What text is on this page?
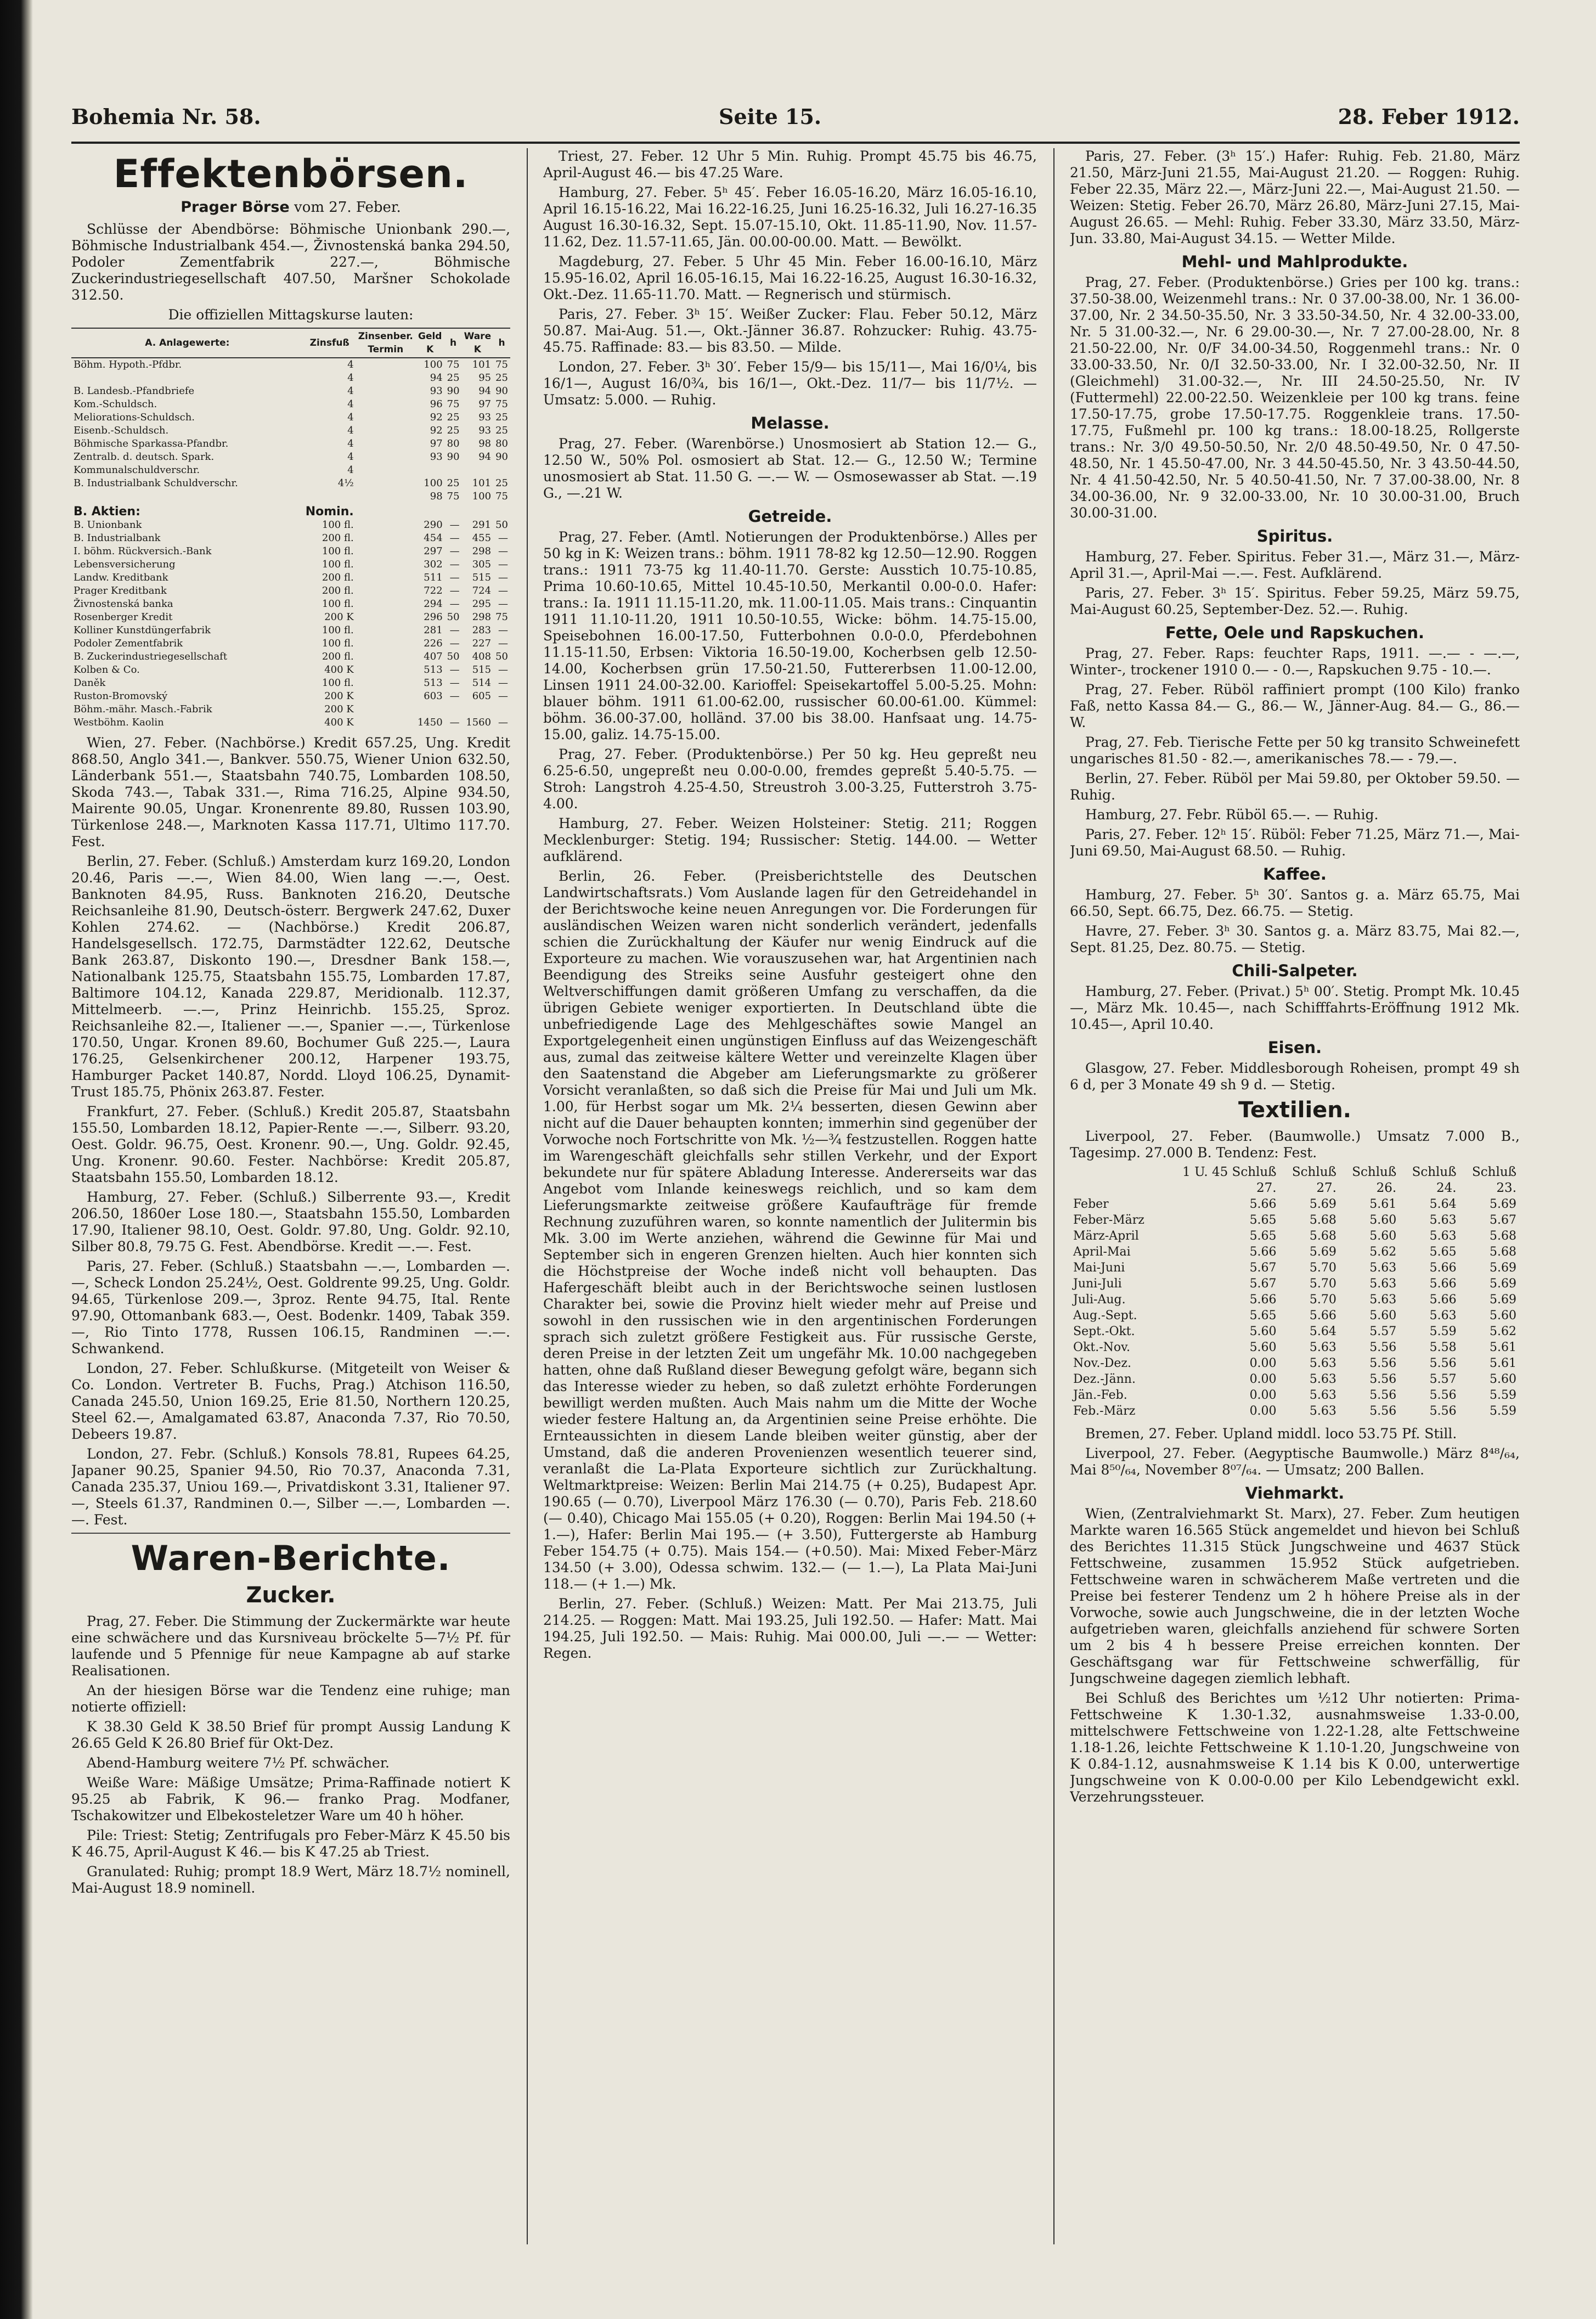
Bohemia Nr. 58.	Seite 15.	28. Feber 1912.
Effektenbörsen.
Prager Börse vom 27. Feber.

Schlüsse der Abendbörse: Böhmische Unionbank 290.—, Böhmische Industrialbank 454.—, Živnostenská banka 294.50, Podoler Zementfabrik 227.—, Böhmische Zuckerindustriegesellschaft 407.50, Maršner Schokolade 312.50.

Die offiziellen Mittagskurse lauten:

A. Anlagewerte:	Zinsfuß	Zinsenber. Termin	Geld K	h	Ware K	h
Böhm. Hypoth.-Pfdbr.	4		100	75	101	75
	4		94	25	95	25
B. Landesb.-Pfandbriefe	4		93	90	94	90
Kom.-Schuldsch.	4		96	75	97	75
Meliorations-Schuldsch.	4		92	25	93	25
Eisenb.-Schuldsch.	4		92	25	93	25
Böhmische Sparkassa-Pfandbr.	4		97	80	98	80
Zentralb. d. deutsch. Spark.	4		93	90	94	90
Kommunalschuldverschr.	4					
B. Industrialbank Schuldverschr.	4½		100	25	101	25
			98	75	100	75
B. Aktien:	Nomin.					
B. Unionbank	100 fl.		290	—	291	50
B. Industrialbank	200 fl.		454	—	455	—
I. böhm. Rückversich.-Bank	100 fl.		297	—	298	—
Lebensversicherung	100 fl.		302	—	305	—
Landw. Kreditbank	200 fl.		511	—	515	—
Prager Kreditbank	200 fl.		722	—	724	—
Živnostenská banka	100 fl.		294	—	295	—
Rosenberger Kredit	200 K		296	50	298	75
Kolliner Kunstdüngerfabrik	100 fl.		281	—	283	—
Podoler Zementfabrik	100 fl.		226	—	227	—
B. Zuckerindustriegesellschaft	200 fl.		407	50	408	50
Kolben & Co.	400 K		513	—	515	—
Daněk	100 fl.		513	—	514	—
Ruston-Bromovský	200 K		603	—	605	—
Böhm.-mähr. Masch.-Fabrik	200 K					
Westböhm. Kaolin	400 K		1450	—	1560	—

Wien, 27. Feber. (Nachbörse.) Kredit 657.25, Ung. Kredit 868.50, Anglo 341.—, Bankver. 550.75, Wiener Union 632.50, Länderbank 551.—, Staatsbahn 740.75, Lombarden 108.50, Skoda 743.—, Tabak 331.—, Rima 716.25, Alpine 934.50, Mairente 90.05, Ungar. Kronenrente 89.80, Russen 103.90, Türkenlose 248.—, Marknoten Kassa 117.71, Ultimo 117.70. Fest.

Berlin, 27. Feber. (Schluß.) Amsterdam kurz 169.20, London 20.46, Paris —.—, Wien 84.00, Wien lang —.—, Oest. Banknoten 84.95, Russ. Banknoten 216.20, Deutsche Reichsanleihe 81.90, Deutsch-österr. Bergwerk 247.62, Duxer Kohlen 274.62. — (Nachbörse.) Kredit 206.87, Handelsgesellsch. 172.75, Darmstädter 122.62, Deutsche Bank 263.87, Diskonto 190.—, Dresdner Bank 158.—, Nationalbank 125.75, Staatsbahn 155.75, Lombarden 17.87, Baltimore 104.12, Kanada 229.87, Meridionalb. 112.37, Mittelmeerb. —.—, Prinz Heinrichb. 155.25, Sproz. Reichsanleihe 82.—, Italiener —.—, Spanier —.—, Türkenlose 170.50, Ungar. Kronen 89.60, Bochumer Guß 225.—, Laura 176.25, Gelsenkirchener 200.12, Harpener 193.75, Hamburger Packet 140.87, Nordd. Lloyd 106.25, Dynamit-Trust 185.75, Phönix 263.87. Fester.

Frankfurt, 27. Feber. (Schluß.) Kredit 205.87, Staatsbahn 155.50, Lombarden 18.12, Papier-Rente —.—, Silberr. 93.20, Oest. Goldr. 96.75, Oest. Kronenr. 90.—, Ung. Goldr. 92.45, Ung. Kronenr. 90.60. Fester. Nachbörse: Kredit 205.87, Staatsbahn 155.50, Lombarden 18.12.

Hamburg, 27. Feber. (Schluß.) Silberrente 93.—, Kredit 206.50, 1860er Lose 180.—, Staatsbahn 155.50, Lombarden 17.90, Italiener 98.10, Oest. Goldr. 97.80, Ung. Goldr. 92.10, Silber 80.8, 79.75 G. Fest. Abendbörse. Kredit —.—. Fest.

Paris, 27. Feber. (Schluß.) Staatsbahn —.—, Lombarden —.—, Scheck London 25.24½, Oest. Goldrente 99.25, Ung. Goldr. 94.65, Türkenlose 209.—, 3proz. Rente 94.75, Ital. Rente 97.90, Ottomanbank 683.—, Oest. Bodenkr. 1409, Tabak 359.—, Rio Tinto 1778, Russen 106.15, Randminen —.—. Schwankend.

London, 27. Feber. Schlußkurse. (Mitgeteilt von Weiser & Co. London. Vertreter B. Fuchs, Prag.) Atchison 116.50, Canada 245.50, Union 169.25, Erie 81.50, Northern 120.25, Steel 62.—, Amalgamated 63.87, Anaconda 7.37, Rio 70.50, Debeers 19.87.

London, 27. Febr. (Schluß.) Konsols 78.81, Rupees 64.25, Japaner 90.25, Spanier 94.50, Rio 70.37, Anaconda 7.31, Canada 235.37, Uniou 169.—, Privatdiskont 3.31, Italiener 97.—, Steels 61.37, Randminen 0.—, Silber —.—, Lombarden —.—. Fest.

Waren-Berichte.
Zucker.

Prag, 27. Feber. Die Stimmung der Zuckermärkte war heute eine schwächere und das Kursniveau bröckelte 5—7½ Pf. für laufende und 5 Pfennige für neue Kampagne ab auf starke Realisationen.

An der hiesigen Börse war die Tendenz eine ruhige; man notierte offiziell:

K 38.30 Geld K 38.50 Brief für prompt Aussig Landung K 26.65 Geld K 26.80 Brief für Okt-Dez.

Abend-Hamburg weitere 7½ Pf. schwächer.

Weiße Ware: Mäßige Umsätze; Prima-Raffinade notiert K 95.25 ab Fabrik, K 96.— franko Prag. Modfaner, Tschakowitzer und Elbekosteletzer Ware um 40 h höher.

Pile: Triest: Stetig; Zentrifugals pro Feber-März K 45.50 bis K 46.75, April-August K 46.— bis K 47.25 ab Triest.

Granulated: Ruhig; prompt 18.9 Wert, März 18.7½ nominell, Mai-August 18.9 nominell.

Triest, 27. Feber. 12 Uhr 5 Min. Ruhig. Prompt 45.75 bis 46.75, April-August 46.— bis 47.25 Ware.

Hamburg, 27. Feber. 5ʰ 45′. Feber 16.05-16.20, März 16.05-16.10, April 16.15-16.22, Mai 16.22-16.25, Juni 16.25-16.32, Juli 16.27-16.35 August 16.30-16.32, Sept. 15.07-15.10, Okt. 11.85-11.90, Nov. 11.57-11.62, Dez. 11.57-11.65, Jän. 00.00-00.00. Matt. — Bewölkt.

Magdeburg, 27. Feber. 5 Uhr 45 Min. Feber 16.00-16.10, März 15.95-16.02, April 16.05-16.15, Mai 16.22-16.25, August 16.30-16.32, Okt.-Dez. 11.65-11.70. Matt. — Regnerisch und stürmisch.

Paris, 27. Feber. 3ʰ 15′. Weißer Zucker: Flau. Feber 50.12, März 50.87. Mai-Aug. 51.—, Okt.-Jänner 36.87. Rohzucker: Ruhig. 43.75-45.75. Raffinade: 83.— bis 83.50. — Milde.

London, 27. Feber. 3ʰ 30′. Feber 15/9— bis 15/11—, Mai 16/0¼, bis 16/1—, August 16/0¾, bis 16/1—, Okt.-Dez. 11/7— bis 11/7½. — Umsatz: 5.000. — Ruhig.

Melasse.

Prag, 27. Feber. (Warenbörse.) Unosmosiert ab Station 12.— G., 12.50 W., 50% Pol. osmosiert ab Stat. 12.— G., 12.50 W.; Termine unosmosiert ab Stat. 11.50 G. —.— W. — Osmosewasser ab Stat. —.19 G., —.21 W.

Getreide.

Prag, 27. Feber. (Amtl. Notierungen der Produktenbörse.) Alles per 50 kg in K: Weizen trans.: böhm. 1911 78-82 kg 12.50—12.90. Roggen trans.: 1911 73-75 kg 11.40-11.70. Gerste: Ausstich 10.75-10.85, Prima 10.60-10.65, Mittel 10.45-10.50, Merkantil 0.00-0.0. Hafer: trans.: Ia. 1911 11.15-11.20, mk. 11.00-11.05. Mais trans.: Cinquantin 1911 11.10-11.20, 1911 10.50-10.55, Wicke: böhm. 14.75-15.00, Speisebohnen 16.00-17.50, Futterbohnen 0.0-0.0, Pferdebohnen 11.15-11.50, Erbsen: Viktoria 16.50-19.00, Kocherbsen gelb 12.50-14.00, Kocherbsen grün 17.50-21.50, Futtererbsen 11.00-12.00, Linsen 1911 24.00-32.00. Karioffel: Speisekartoffel 5.00-5.25. Mohn: blauer böhm. 1911 61.00-62.00, russischer 60.00-61.00. Kümmel: böhm. 36.00-37.00, holländ. 37.00 bis 38.00. Hanfsaat ung. 14.75-15.00, galiz. 14.75-15.00.

Prag, 27. Feber. (Produktenbörse.) Per 50 kg. Heu gepreßt neu 6.25-6.50, ungepreßt neu 0.00-0.00, fremdes gepreßt 5.40-5.75. — Stroh: Langstroh 4.25-4.50, Streustroh 3.00-3.25, Futterstroh 3.75-4.00.

Hamburg, 27. Feber. Weizen Holsteiner: Stetig. 211; Roggen Mecklenburger: Stetig. 194; Russischer: Stetig. 144.00. — Wetter aufklärend.

Berlin, 26. Feber. (Preisberichtstelle des Deutschen Landwirtschaftsrats.) Vom Auslande lagen für den Getreidehandel in der Berichtswoche keine neuen Anregungen vor. Die Forderungen für ausländischen Weizen waren nicht sonderlich verändert, jedenfalls schien die Zurückhaltung der Käufer nur wenig Eindruck auf die Exporteure zu machen. Wie vorauszusehen war, hat Argentinien nach Beendigung des Streiks seine Ausfuhr gesteigert ohne den Weltverschiffungen damit größeren Umfang zu verschaffen, da die übrigen Gebiete weniger exportierten. In Deutschland übte die unbefriedigende Lage des Mehlgeschäftes sowie Mangel an Exportgelegenheit einen ungünstigen Einfluss auf das Weizengeschäft aus, zumal das zeitweise kältere Wetter und vereinzelte Klagen über den Saatenstand die Abgeber am Lieferungsmarkte zu größerer Vorsicht veranlaßten, so daß sich die Preise für Mai und Juli um Mk. 1.00, für Herbst sogar um Mk. 2¼ besserten, diesen Gewinn aber nicht auf die Dauer behaupten konnten; immerhin sind gegenüber der Vorwoche noch Fortschritte von Mk. ½—¾ festzustellen. Roggen hatte im Warengeschäft gleichfalls sehr stillen Verkehr, und der Export bekundete nur für spätere Abladung Interesse. Andererseits war das Angebot vom Inlande keineswegs reichlich, und so kam dem Lieferungsmarkte zeitweise größere Kaufaufträge für fremde Rechnung zuzuführen waren, so konnte namentlich der Julitermin bis Mk. 3.00 im Werte anziehen, während die Gewinne für Mai und September sich in engeren Grenzen hielten. Auch hier konnten sich die Höchstpreise der Woche indeß nicht voll behaupten. Das Hafergeschäft bleibt auch in der Berichtswoche seinen lustlosen Charakter bei, sowie die Provinz hielt wieder mehr auf Preise und sowohl in den russischen wie in den argentinischen Forderungen sprach sich zuletzt größere Festigkeit aus. Für russische Gerste, deren Preise in der letzten Zeit um ungefähr Mk. 10.00 nachgegeben hatten, ohne daß Rußland dieser Bewegung gefolgt wäre, begann sich das Interesse wieder zu heben, so daß zuletzt erhöhte Forderungen bewilligt werden mußten. Auch Mais nahm um die Mitte der Woche wieder festere Haltung an, da Argentinien seine Preise erhöhte. Die Ernteaussichten in diesem Lande bleiben weiter günstig, aber der Umstand, daß die anderen Provenienzen wesentlich teuerer sind, veranlaßt die La-Plata Exporteure sichtlich zur Zurückhaltung. Weltmarktpreise: Weizen: Berlin Mai 214.75 (+ 0.25), Budapest Apr. 190.65 (— 0.70), Liverpool März 176.30 (— 0.70), Paris Feb. 218.60 (— 0.40), Chicago Mai 155.05 (+ 0.20), Roggen: Berlin Mai 194.50 (+ 1.—), Hafer: Berlin Mai 195.— (+ 3.50), Futtergerste ab Hamburg Feber 154.75 (+ 0.75). Mais 154.— (+0.50). Mai: Mixed Feber-März 134.50 (+ 3.00), Odessa schwim. 132.— (— 1.—), La Plata Mai-Juni 118.— (+ 1.—) Mk.

Berlin, 27. Feber. (Schluß.) Weizen: Matt. Per Mai 213.75, Juli 214.25. — Roggen: Matt. Mai 193.25, Juli 192.50. — Hafer: Matt. Mai 194.25, Juli 192.50. — Mais: Ruhig. Mai 000.00, Juli —.— — Wetter: Regen.

Paris, 27. Feber. (3ʰ 15′.) Hafer: Ruhig. Feb. 21.80, März 21.50, März-Juni 21.55, Mai-August 21.20. — Roggen: Ruhig. Feber 22.35, März 22.—, März-Juni 22.—, Mai-August 21.50. — Weizen: Stetig. Feber 26.70, März 26.80, März-Juni 27.15, Mai-August 26.65. — Mehl: Ruhig. Feber 33.30, März 33.50, März-Jun. 33.80, Mai-August 34.15. — Wetter Milde.

Mehl- und Mahlprodukte.

Prag, 27. Feber. (Produktenbörse.) Gries per 100 kg. trans.: 37.50-38.00, Weizenmehl trans.: Nr. 0 37.00-38.00, Nr. 1 36.00-37.00, Nr. 2 34.50-35.50, Nr. 3 33.50-34.50, Nr. 4 32.00-33.00, Nr. 5 31.00-32.—, Nr. 6 29.00-30.—, Nr. 7 27.00-28.00, Nr. 8 21.50-22.00, Nr. 0/F 34.00-34.50, Roggenmehl trans.: Nr. 0 33.00-33.50, Nr. 0/I 32.50-33.00, Nr. I 32.00-32.50, Nr. II (Gleichmehl) 31.00-32.—, Nr. III 24.50-25.50, Nr. IV (Futtermehl) 22.00-22.50. Weizenkleie per 100 kg trans. feine 17.50-17.75, grobe 17.50-17.75. Roggenkleie trans. 17.50-17.75, Fußmehl pr. 100 kg trans.: 18.00-18.25, Rollgerste trans.: Nr. 3/0 49.50-50.50, Nr. 2/0 48.50-49.50, Nr. 0 47.50-48.50, Nr. 1 45.50-47.00, Nr. 3 44.50-45.50, Nr. 3 43.50-44.50, Nr. 4 41.50-42.50, Nr. 5 40.50-41.50, Nr. 7 37.00-38.00, Nr. 8 34.00-36.00, Nr. 9 32.00-33.00, Nr. 10 30.00-31.00, Bruch 30.00-31.00.

Spiritus.

Hamburg, 27. Feber. Spiritus. Feber 31.—, März 31.—, März-April 31.—, April-Mai —.—. Fest. Aufklärend.

Paris, 27. Feber. 3ʰ 15′. Spiritus. Feber 59.25, März 59.75, Mai-August 60.25, September-Dez. 52.—. Ruhig.

Fette, Oele und Rapskuchen.

Prag, 27. Feber. Raps: feuchter Raps, 1911. —.— - —.—, Winter-, trockener 1910 0.— - 0.—, Rapskuchen 9.75 - 10.—.

Prag, 27. Feber. Rüböl raffiniert prompt (100 Kilo) franko Faß, netto Kassa 84.— G., 86.— W., Jänner-Aug. 84.— G., 86.— W.

Prag, 27. Feb. Tierische Fette per 50 kg transito Schweinefett ungarisches 81.50 - 82.—, amerikanisches 78.— - 79.—.

Berlin, 27. Feber. Rüböl per Mai 59.80, per Oktober 59.50. — Ruhig.

Hamburg, 27. Febr. Rüböl 65.—. — Ruhig.

Paris, 27. Feber. 12ʰ 15′. Rüböl: Feber 71.25, März 71.—, Mai-Juni 69.50, Mai-August 68.50. — Ruhig.

Kaffee.

Hamburg, 27. Feber. 5ʰ 30′. Santos g. a. März 65.75, Mai 66.50, Sept. 66.75, Dez. 66.75. — Stetig.

Havre, 27. Feber. 3ʰ 30. Santos g. a. März 83.75, Mai 82.—, Sept. 81.25, Dez. 80.75. — Stetig.

Chili-Salpeter.

Hamburg, 27. Feber. (Privat.) 5ʰ 00′. Stetig. Prompt Mk. 10.45—, März Mk. 10.45—, nach Schifffahrts-Eröffnung 1912 Mk. 10.45—, April 10.40.

Eisen.

Glasgow, 27. Feber. Middlesborough Roheisen, prompt 49 sh 6 d, per 3 Monate 49 sh 9 d. — Stetig.

Textilien.

Liverpool, 27. Feber. (Baumwolle.) Umsatz 7.000 B., Tagesimp. 27.000 B. Tendenz: Fest.

	1 U. 45 Schluß	Schluß	Schluß	Schluß	Schluß
	27.	27.	26.	24.	23.
Feber	5.66	5.69	5.61	5.64	5.69
Feber-März	5.65	5.68	5.60	5.63	5.67
März-April	5.65	5.68	5.60	5.63	5.68
April-Mai	5.66	5.69	5.62	5.65	5.68
Mai-Juni	5.67	5.70	5.63	5.66	5.69
Juni-Juli	5.67	5.70	5.63	5.66	5.69
Juli-Aug.	5.66	5.70	5.63	5.66	5.69
Aug.-Sept.	5.65	5.66	5.60	5.63	5.60
Sept.-Okt.	5.60	5.64	5.57	5.59	5.62
Okt.-Nov.	5.60	5.63	5.56	5.58	5.61
Nov.-Dez.	0.00	5.63	5.56	5.56	5.61
Dez.-Jänn.	0.00	5.63	5.56	5.57	5.60
Jän.-Feb.	0.00	5.63	5.56	5.56	5.59
Feb.-März	0.00	5.63	5.56	5.56	5.59

Bremen, 27. Feber. Upland middl. loco 53.75 Pf. Still.

Liverpool, 27. Feber. (Aegyptische Baumwolle.) März 8⁴⁸/₆₄, Mai 8⁵⁰/₆₄, November 8⁰⁷/₆₄. — Umsatz; 200 Ballen.

Viehmarkt.

Wien, (Zentralviehmarkt St. Marx), 27. Feber. Zum heutigen Markte waren 16.565 Stück angemeldet und hievon bei Schluß des Berichtes 11.315 Stück Jungschweine und 4637 Stück Fettschweine, zusammen 15.952 Stück aufgetrieben. Fettschweine waren in schwächerem Maße vertreten und die Preise bei festerer Tendenz um 2 h höhere Preise als in der Vorwoche, sowie auch Jungschweine, die in der letzten Woche aufgetrieben waren, gleichfalls anziehend für schwere Sorten um 2 bis 4 h bessere Preise erreichen konnten. Der Geschäftsgang war für Fettschweine schwerfällig, für Jungschweine dagegen ziemlich lebhaft.

Bei Schluß des Berichtes um ½12 Uhr notierten: Prima-Fettschweine K 1.30-1.32, ausnahmsweise 1.33-0.00, mittelschwere Fettschweine von 1.22-1.28, alte Fettschweine 1.18-1.26, leichte Fettschweine K 1.10-1.20, Jungschweine von K 0.84-1.12, ausnahmsweise K 1.14 bis K 0.00, unterwertige Jungschweine von K 0.00-0.00 per Kilo Lebendgewicht exkl. Verzehrungssteuer.
